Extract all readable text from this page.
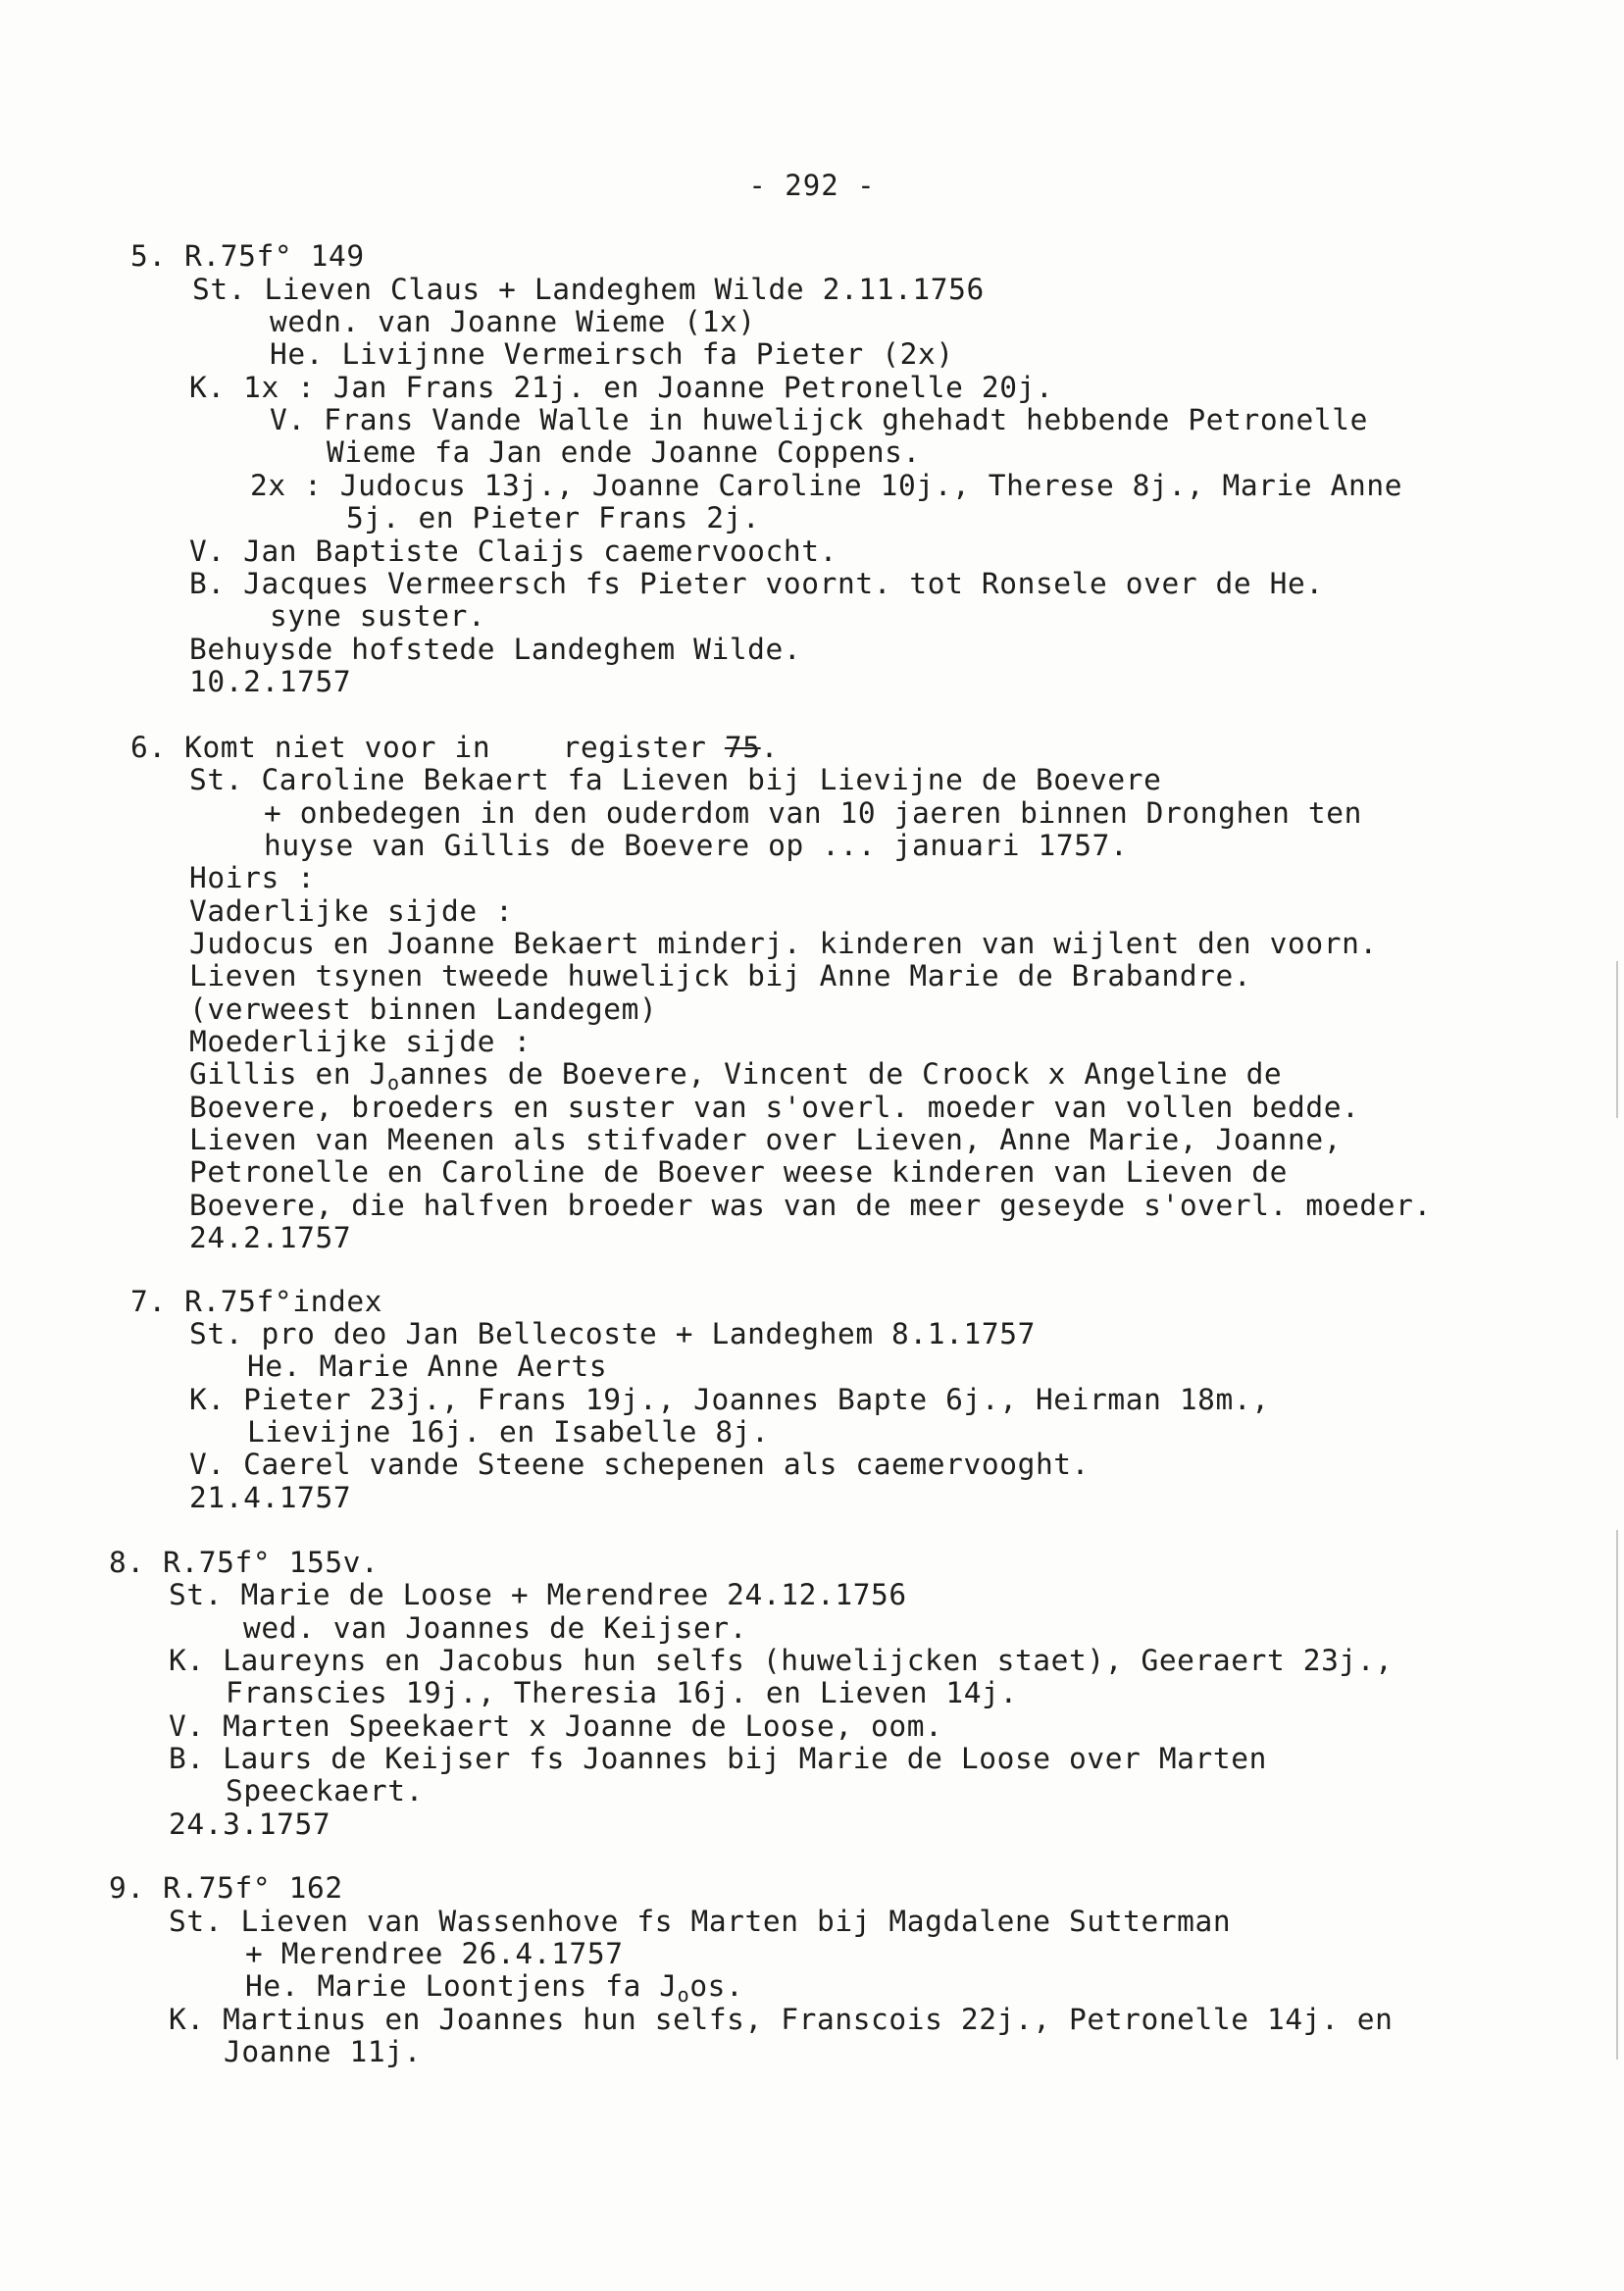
- 292 -
5. R.75f° 149
St. Lieven Claus + Landeghem Wilde 2.11.1756
wedn. van Joanne Wieme (1x)
He. Livijnne Vermeirsch fa Pieter (2x)
K. 1x : Jan Frans 21j. en Joanne Petronelle 20j.
V. Frans Vande Walle in huwelijck ghehadt hebbende Petronelle
Wieme fa Jan ende Joanne Coppens.
2x : Judocus 13j., Joanne Caroline 10j., Therese 8j., Marie Anne
5j. en Pieter Frans 2j.
V. Jan Baptiste Claijs caemervoocht.
B. Jacques Vermeersch fs Pieter voornt. tot Ronsele over de He.
syne suster.
Behuysde hofstede Landeghem Wilde.
10.2.1757
6. Komt niet voor in    register 75.
St. Caroline Bekaert fa Lieven bij Lievijne de Boevere
+ onbedegen in den ouderdom van 10 jaeren binnen Dronghen ten
huyse van Gillis de Boevere op ... januari 1757.
Hoirs :
Vaderlijke sijde :
Judocus en Joanne Bekaert minderj. kinderen van wijlent den voorn.
Lieven tsynen tweede huwelijck bij Anne Marie de Brabandre.
(verweest binnen Landegem)
Moederlijke sijde :
Gillis en $J_oannes$ de Boevere, Vincent de Croock x Angeline de
Boevere, broeders en suster van s'overl. moeder van vollen bedde.
Lieven van Meenen als stifvader over Lieven, Anne Marie, Joanne,
Petronelle en Caroline de Boever weese kinderen van Lieven de
Boevere, die halfven broeder was van de meer geseyde s'overl. moeder.
24.2.1757
7. R.75f°index
St. pro deo Jan Bellecoste + Landeghem 8.1.1757
He. Marie Anne Aerts
K. Pieter 23j., Frans 19j., Joannes Bapte 6j., Heirman 18m.,
Lievijne 16j. en Isabelle 8j.
V. Caerel vande Steene schepenen als caemervooght.
21.4.1757
8. R.75f° 155v.
St. Marie de Loose + Merendree 24.12.1756
wed. van Joannes de Keijser.
K. Laureyns en Jacobus hun selfs (huwelijcken staet), Geeraert 23j.,
Franscies 19j., Theresia 16j. en Lieven 14j.
V. Marten Speekaert x Joanne de Loose, oom.
B. Laurs de Keijser fs Joannes bij Marie de Loose over Marten
Speeckaert.
24.3.1757
9. R.75f° 162
St. Lieven van Wassenhove fs Marten bij Magdalene Sutterman
+ Merendree 26.4.1757
He. Marie Loontjens fa $J_oos$.
K. Martinus en Joannes hun selfs, Franscois 22j., Petronelle 14j. en
Joanne 11j.
